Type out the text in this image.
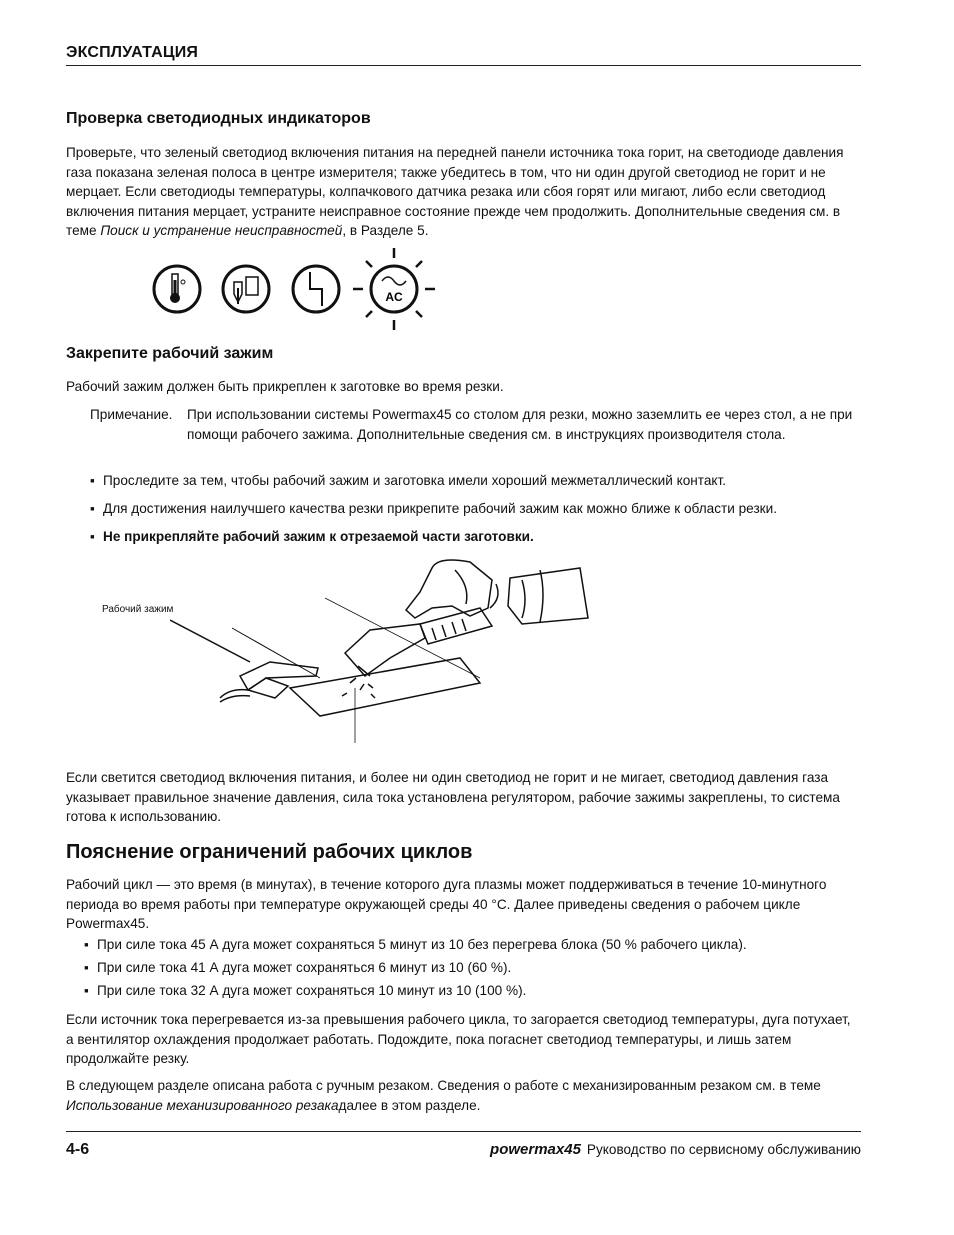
ЭКСПЛУАТАЦИЯ
Проверка светодиодных индикаторов

Проверьте, что зеленый светодиод включения питания на передней панели источника тока горит, на светодиоде давления газа показана зеленая полоса в центре измерителя; также убедитесь в том, что ни один другой светодиод не горит и не мерцает. Если светодиоды температуры, колпачкового датчика резака или сбоя горят или мигают, либо если светодиод включения питания мерцает, устраните неисправное состояние прежде чем продолжить. Дополнительные сведения см. в теме Поиск и устранение неисправностей, в Разделе 5.

AC
Закрепите рабочий зажим

Рабочий зажим должен быть прикреплен к заготовке во время резки.

Примечание. При использовании системы Powermax45 со столом для резки, можно заземлить ее через стол, а не при помощи рабочего зажима. Дополнительные сведения см. в инструкциях производителя стола.
▪ Проследите за тем, чтобы рабочий зажим и заготовка имели хороший межметаллический контакт.
▪ Для достижения наилучшего качества резки прикрепите рабочий зажим как можно ближе к области резки.
▪ Не прикрепляйте рабочий зажим к отрезаемой части заготовки.
Рабочий зажим

Если светится светодиод включения питания, и более ни один светодиод не горит и не мигает, светодиод давления газа указывает правильное значение давления, сила тока установлена регулятором, рабочие зажимы закреплены, то система готова к использованию.

Пояснение ограничений рабочих циклов

Рабочий цикл — это время (в минутах), в течение которого дуга плазмы может поддерживаться в течение 10-минутного периода во время работы при температуре окружающей среды 40 °C. Далее приведены сведения о рабочем цикле Powermax45.

▪ При силе тока 45 А дуга может сохраняться 5 минут из 10 без перегрева блока (50 % рабочего цикла).
▪ При силе тока 41 А дуга может сохраняться 6 минут из 10 (60 %).
▪ При силе тока 32 А дуга может сохраняться 10 минут из 10 (100 %).

Если источник тока перегревается из-за превышения рабочего цикла, то загорается светодиод температуры, дуга потухает, а вентилятор охлаждения продолжает работать. Подождите, пока погаснет светодиод температуры, и лишь затем продолжайте резку.

В следующем разделе описана работа с ручным резаком. Сведения о работе с механизированным резаком см. в теме Использование механизированного резакадалее в этом разделе.

4-6	powermax45 Руководство по сервисному обслуживанию
